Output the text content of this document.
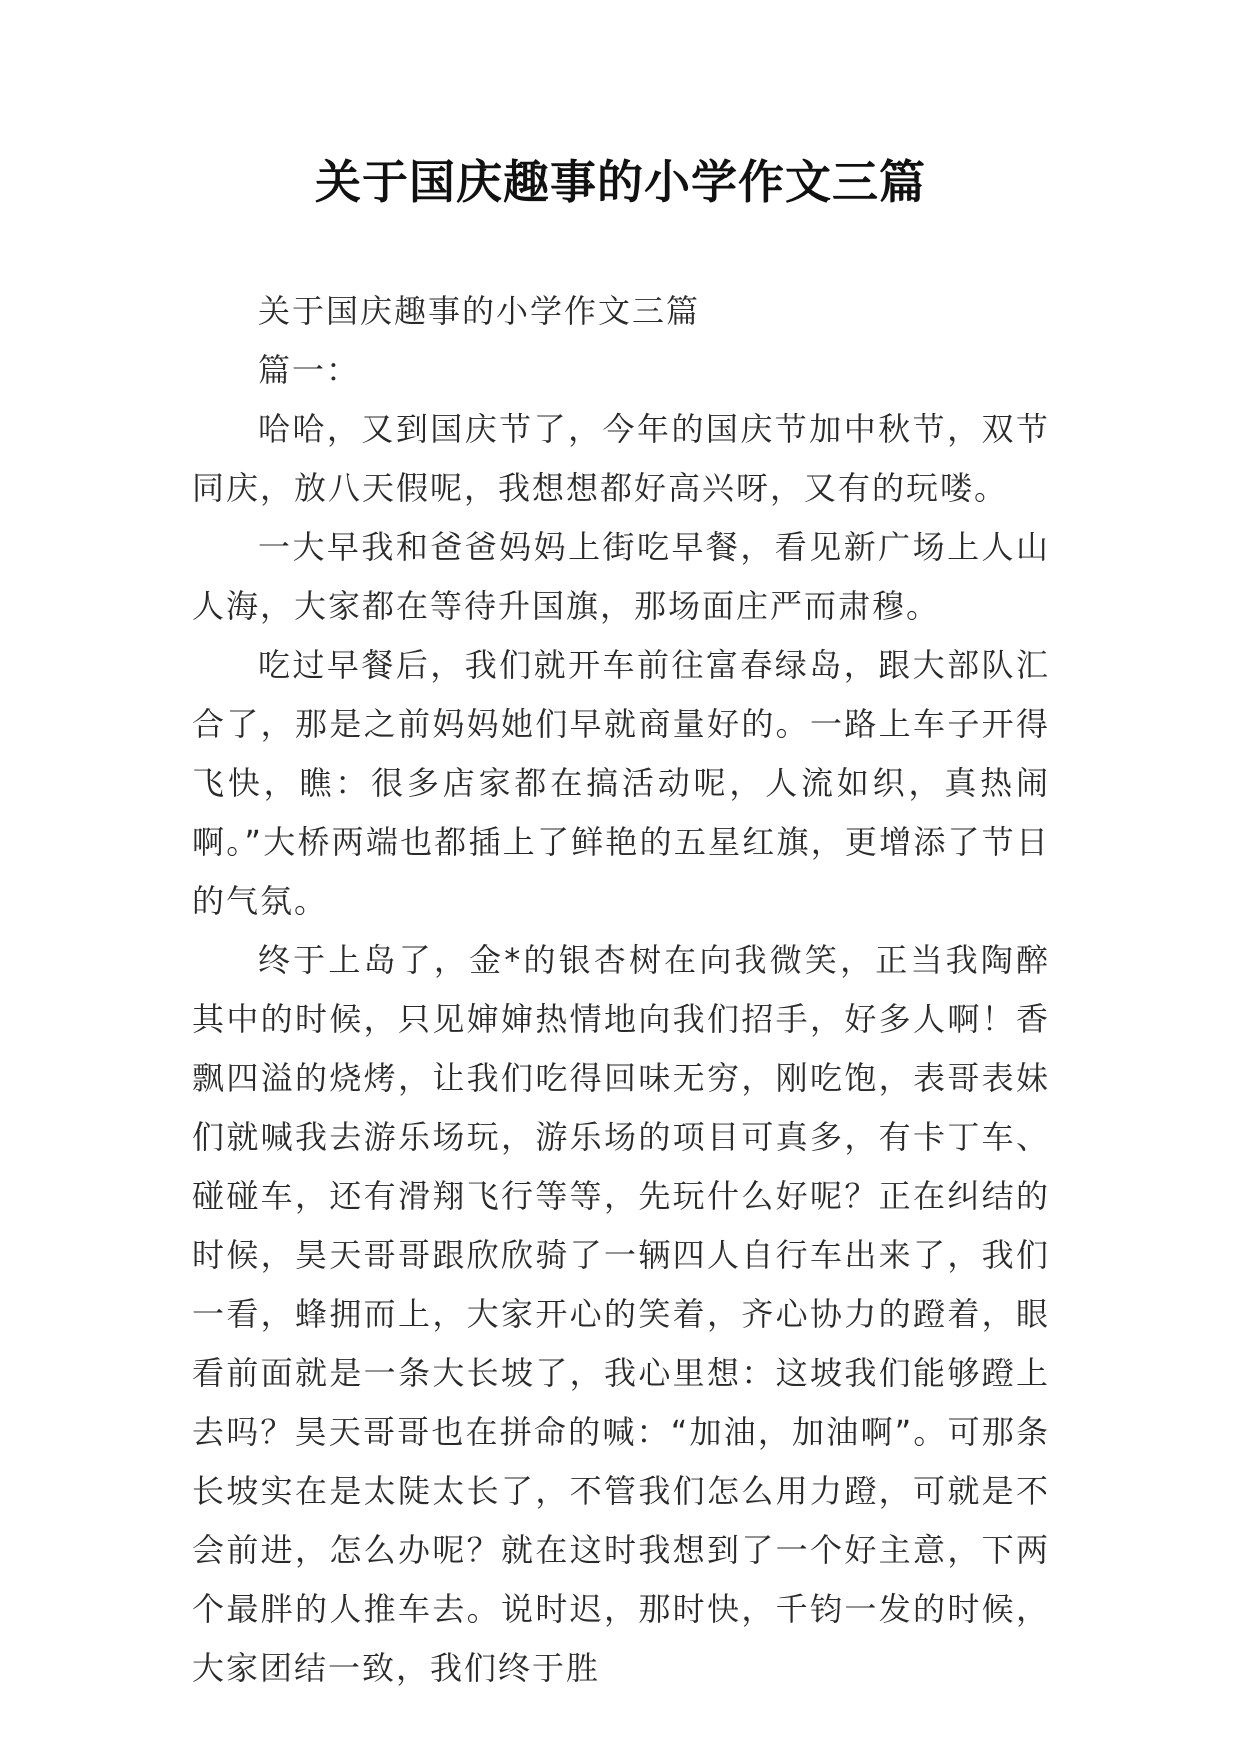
关于国庆趣事的小学作文三篇

关于国庆趣事的小学作文三篇

篇一：

哈哈，又到国庆节了，今年的国庆节加中秋节，双节同庆，放八天假呢，我想想都好高兴呀，又有的玩喽。

一大早我和爸爸妈妈上街吃早餐，看见新广场上人山人海，大家都在等待升国旗，那场面庄严而肃穆。

吃过早餐后，我们就开车前往富春绿岛，跟大部队汇合了，那是之前妈妈她们早就商量好的。一路上车子开得飞快，瞧：很多店家都在搞活动呢，人流如织，真热闹啊。”大桥两端也都插上了鲜艳的五星红旗，更增添了节日的气氛。

终于上岛了，金*的银杏树在向我微笑，正当我陶醉其中的时候，只见婶婶热情地向我们招手，好多人啊！香飘四溢的烧烤，让我们吃得回味无穷，刚吃饱，表哥表妹们就喊我去游乐场玩，游乐场的项目可真多，有卡丁车、碰碰车，还有滑翔飞行等等，先玩什么好呢？正在纠结的时候，昊天哥哥跟欣欣骑了一辆四人自行车出来了，我们一看，蜂拥而上，大家开心的笑着，齐心协力的蹬着，眼看前面就是一条大长坡了，我心里想：这坡我们能够蹬上去吗？昊天哥哥也在拼命的喊：“加油，加油啊”。可那条长坡实在是太陡太长了，不管我们怎么用力蹬，可就是不会前进，怎么办呢？就在这时我想到了一个好主意，下两个最胖的人推车去。说时迟，那时快，千钧一发的时候，大家团结一致，我们终于胜
